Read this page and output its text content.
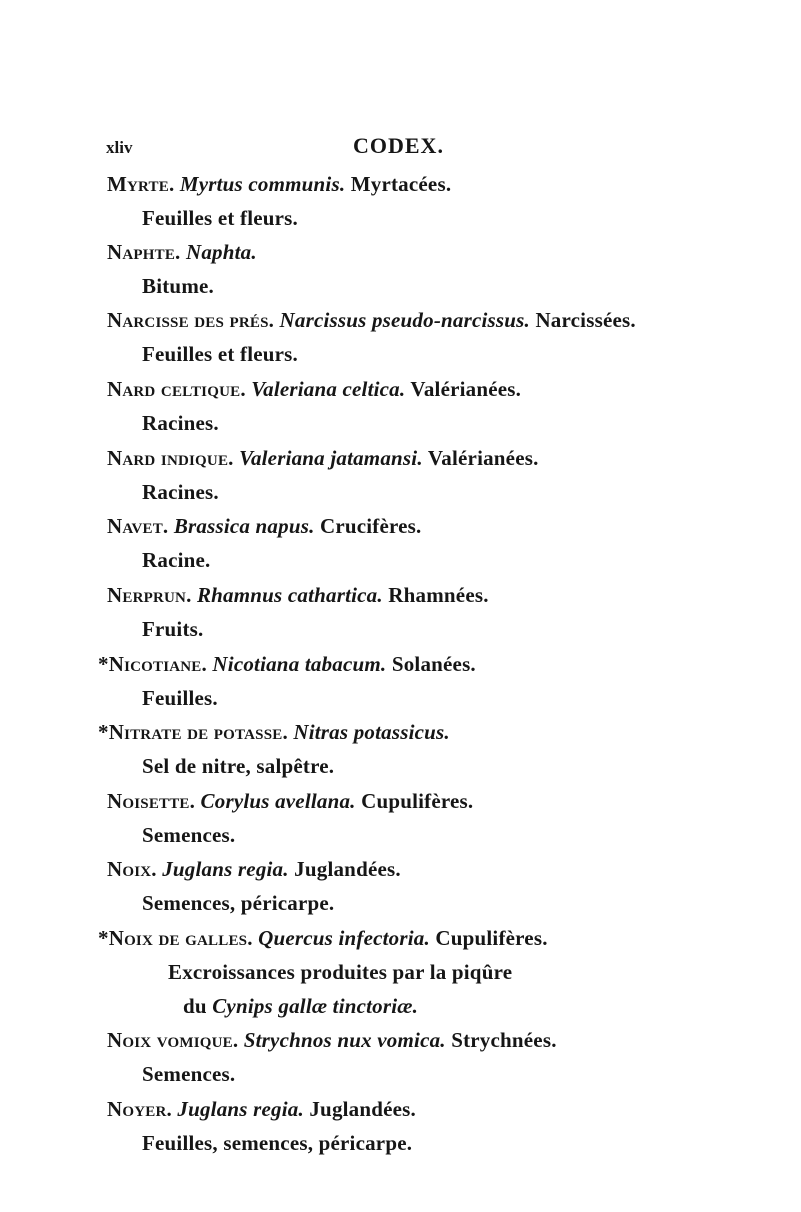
xliv	CODEX.
Myrte. Myrtus communis. Myrtacées.
Feuilles et fleurs.
Naphte. Naphta.
Bitume.
Narcisse des prés. Narcissus pseudo-narcissus. Narcissées.
Feuilles et fleurs.
Nard celtique. Valeriana celtica. Valérianées.
Racines.
Nard indique. Valeriana jatamansi. Valérianées.
Racines.
Navet. Brassica napus. Crucifères.
Racine.
Nerprun. Rhamnus cathartica. Rhamnées.
Fruits.
*Nicotiane. Nicotiana tabacum. Solanées.
Feuilles.
*Nitrate de potasse. Nitras potassicus.
Sel de nitre, salpêtre.
Noisette. Corylus avellana. Cupulifères.
Semences.
Noix. Juglans regia. Juglandées.
Semences, péricarpe.
*Noix de galles. Quercus infectoria. Cupulifères.
Excroissances produites par la piqûre
du Cynips gallæ tinctoriæ.
Noix vomique. Strychnos nux vomica. Strychnées.
Semences.
Noyer. Juglans regia. Juglandées.
Feuilles, semences, péricarpe.
